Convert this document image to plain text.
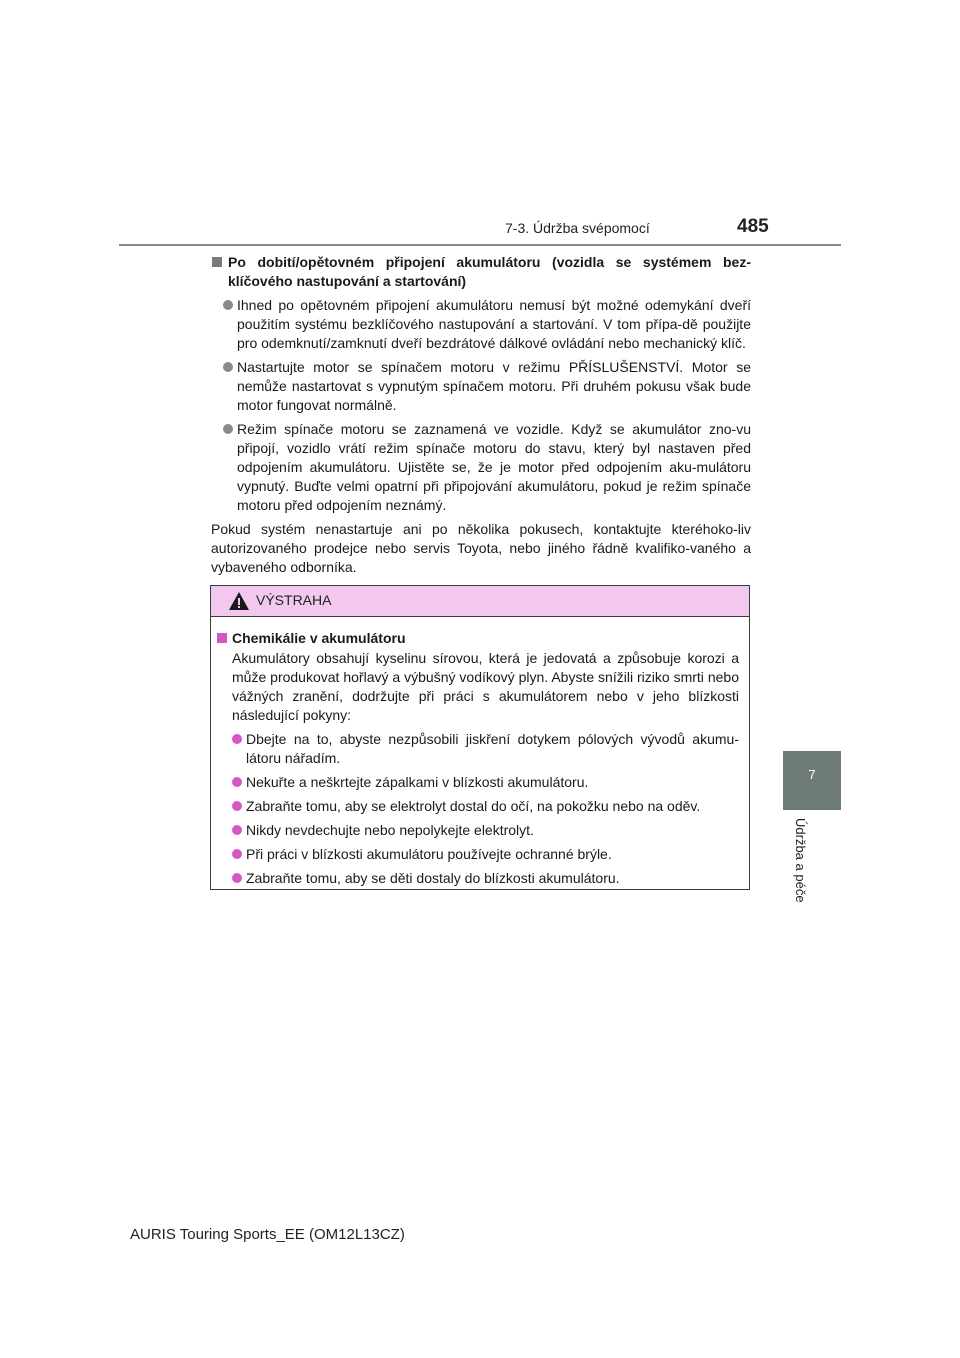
7-3. Údržba svépomocí	485
7
Údržba a péče
Po dobití/opětovném připojení akumulátoru (vozidla se systémem bez-klíčového nastupování a startování)
Ihned po opětovném připojení akumulátoru nemusí být možné odemykání dveří použitím systému bezklíčového nastupování a startování. V tom přípa-dě použijte pro odemknutí/zamknutí dveří bezdrátové dálkové ovládání nebo mechanický klíč.
Nastartujte motor se spínačem motoru v režimu PŘÍSLUŠENSTVÍ. Motor se nemůže nastartovat s vypnutým spínačem motoru. Při druhém pokusu však bude motor fungovat normálně.
Režim spínače motoru se zaznamená ve vozidle. Když se akumulátor zno-vu připojí, vozidlo vrátí režim spínače motoru do stavu, který byl nastaven před odpojením akumulátoru. Ujistěte se, že je motor před odpojením aku-mulátoru vypnutý. Buďte velmi opatrní při připojování akumulátoru, pokud je režim spínače motoru před odpojením neznámý.
Pokud systém nenastartuje ani po několika pokusech, kontaktujte kteréhoko-liv autorizovaného prodejce nebo servis Toyota, nebo jiného řádně kvalifiko-vaného a vybaveného odborníka.
VÝSTRAHA
Chemikálie v akumulátoru
Akumulátory obsahují kyselinu sírovou, která je jedovatá a způsobuje korozi a může produkovat hořlavý a výbušný vodíkový plyn. Abyste snížili riziko smrti nebo vážných zranění, dodržujte při práci s akumulátorem nebo v jeho blízkosti následující pokyny:
Dbejte na to, abyste nezpůsobili jiskření dotykem pólových vývodů akumu-látoru nářadím.
Nekuřte a neškrtejte zápalkami v blízkosti akumulátoru.
Zabraňte tomu, aby se elektrolyt dostal do očí, na pokožku nebo na oděv.
Nikdy nevdechujte nebo nepolykejte elektrolyt.
Při práci v blízkosti akumulátoru používejte ochranné brýle.
Zabraňte tomu, aby se děti dostaly do blízkosti akumulátoru.
AURIS Touring Sports_EE (OM12L13CZ)
